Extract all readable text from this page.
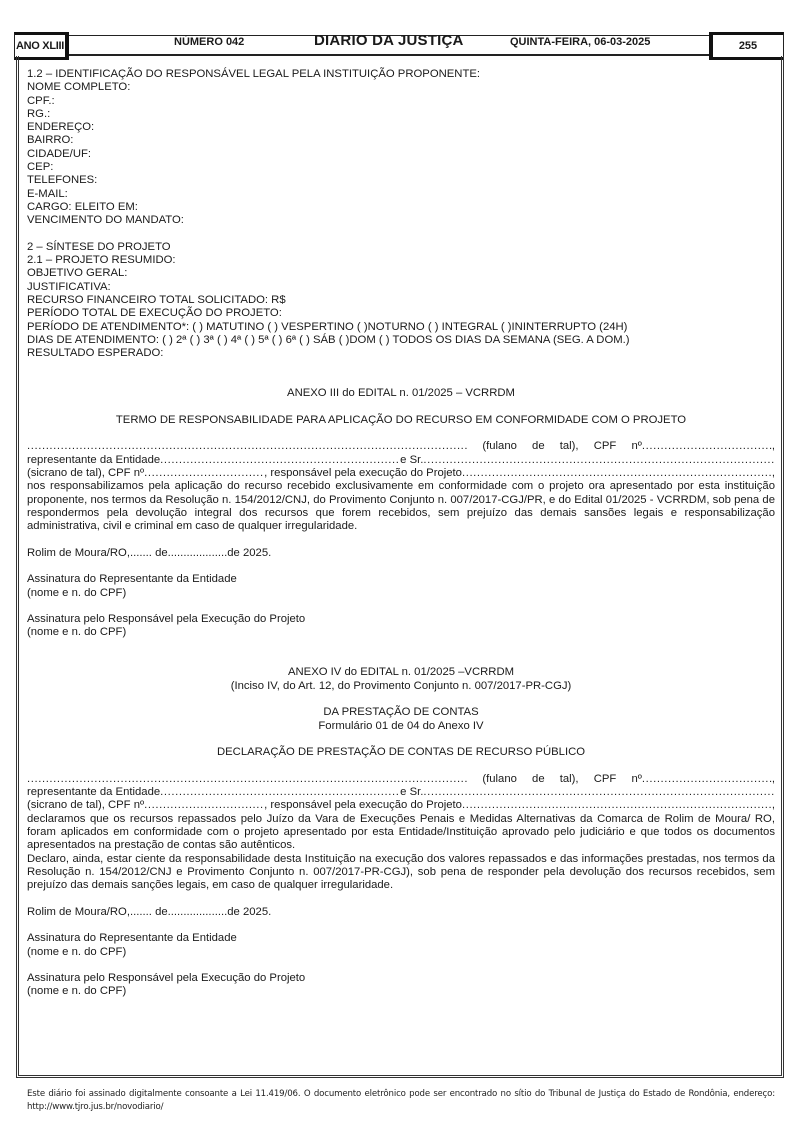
ANO XLIII	NÚMERO 042	DIARIO DA JUSTIÇA	QUINTA-FEIRA, 06-03-2025	255
1.2 – IDENTIFICAÇÃO DO RESPONSÁVEL LEGAL PELA INSTITUIÇÃO PROPONENTE:
NOME COMPLETO:
CPF.:
RG.:
ENDEREÇO:
BAIRRO:
CIDADE/UF:
CEP:
TELEFONES:
E-MAIL:
CARGO: ELEITO EM:
VENCIMENTO DO MANDATO:
2 – SÍNTESE DO PROJETO
2.1 – PROJETO RESUMIDO:
OBJETIVO GERAL:
JUSTIFICATIVA:
RECURSO FINANCEIRO TOTAL SOLICITADO: R$
PERÍODO TOTAL DE EXECUÇÃO DO PROJETO:
PERÍODO DE ATENDIMENTO*: ( ) MATUTINO ( ) VESPERTINO ( )NOTURNO ( ) INTEGRAL ( )ININTERRUPTO (24H)
DIAS DE ATENDIMENTO: ( ) 2ª ( ) 3ª ( ) 4ª ( ) 5ª ( ) 6ª ( ) SÁB ( )DOM ( ) TODOS OS DIAS DA SEMANA (SEG. A DOM.)
RESULTADO ESPERADO:
ANEXO III do EDITAL n. 01/2025 – VCRRDM
TERMO DE RESPONSABILIDADE PARA APLICAÇÃO DO RECURSO EM CONFORMIDADE COM O PROJETO
.....
(fulano de tal), CPF nº .....	,
representante da Entidade .....	e Sr.
.....
(sicrano de tal), CPF nº .....	, responsável pela execução do Projeto .....	,
nos responsabilizamos pela aplicação do recurso recebido exclusivamente em conformidade com o projeto ora apresentado por esta instituição proponente, nos termos da Resolução n. 154/2012/CNJ, do Provimento Conjunto n. 007/2017-CGJ/PR, e do Edital 01/2025 - VCRRDM, sob pena de respondermos pela devolução integral dos recursos que forem recebidos, sem prejuízo das demais sansões legais e responsabilização administrativa, civil e criminal em caso de qualquer irregularidade.
Rolim de Moura/RO,....... de...................de 2025.
Assinatura do Representante da Entidade
(nome e n. do CPF)
Assinatura pelo Responsável pela Execução do Projeto
(nome e n. do CPF)
ANEXO IV do EDITAL n. 01/2025 –VCRRDM
(Inciso IV, do Art. 12, do Provimento Conjunto n. 007/2017-PR-CGJ)
DA PRESTAÇÃO DE CONTAS
Formulário 01 de 04 do Anexo IV
DECLARAÇÃO DE PRESTAÇÃO DE CONTAS DE RECURSO PÚBLICO
.....
(fulano de tal), CPF nº .....	,
representante da Entidade .....	e Sr.
.....
(sicrano de tal), CPF nº .....	, responsável pela execução do Projeto .....	,
declaramos que os recursos repassados pelo Juízo da Vara de Execuções Penais e Medidas Alternativas da Comarca de Rolim de Moura/ RO, foram aplicados em conformidade com o projeto apresentado por esta Entidade/Instituição aprovado pelo judiciário e que todos os documentos apresentados na prestação de contas são autênticos.
Declaro, ainda, estar ciente da responsabilidade desta Instituição na execução dos valores repassados e das informações prestadas, nos termos da Resolução n. 154/2012/CNJ e Provimento Conjunto n. 007/2017-PR-CGJ), sob pena de responder pela devolução dos recursos recebidos, sem prejuízo das demais sanções legais, em caso de qualquer irregularidade.
Rolim de Moura/RO,....... de...................de 2025.
Assinatura do Representante da Entidade
(nome e n. do CPF)
Assinatura pelo Responsável pela Execução do Projeto
(nome e n. do CPF)
Este diário foi assinado digitalmente consoante a Lei 11.419/06. O documento eletrônico pode ser encontrado no sítio do Tribunal de Justiça do Estado de Rondônia, endereço: http://www.tjro.jus.br/novodiario/
